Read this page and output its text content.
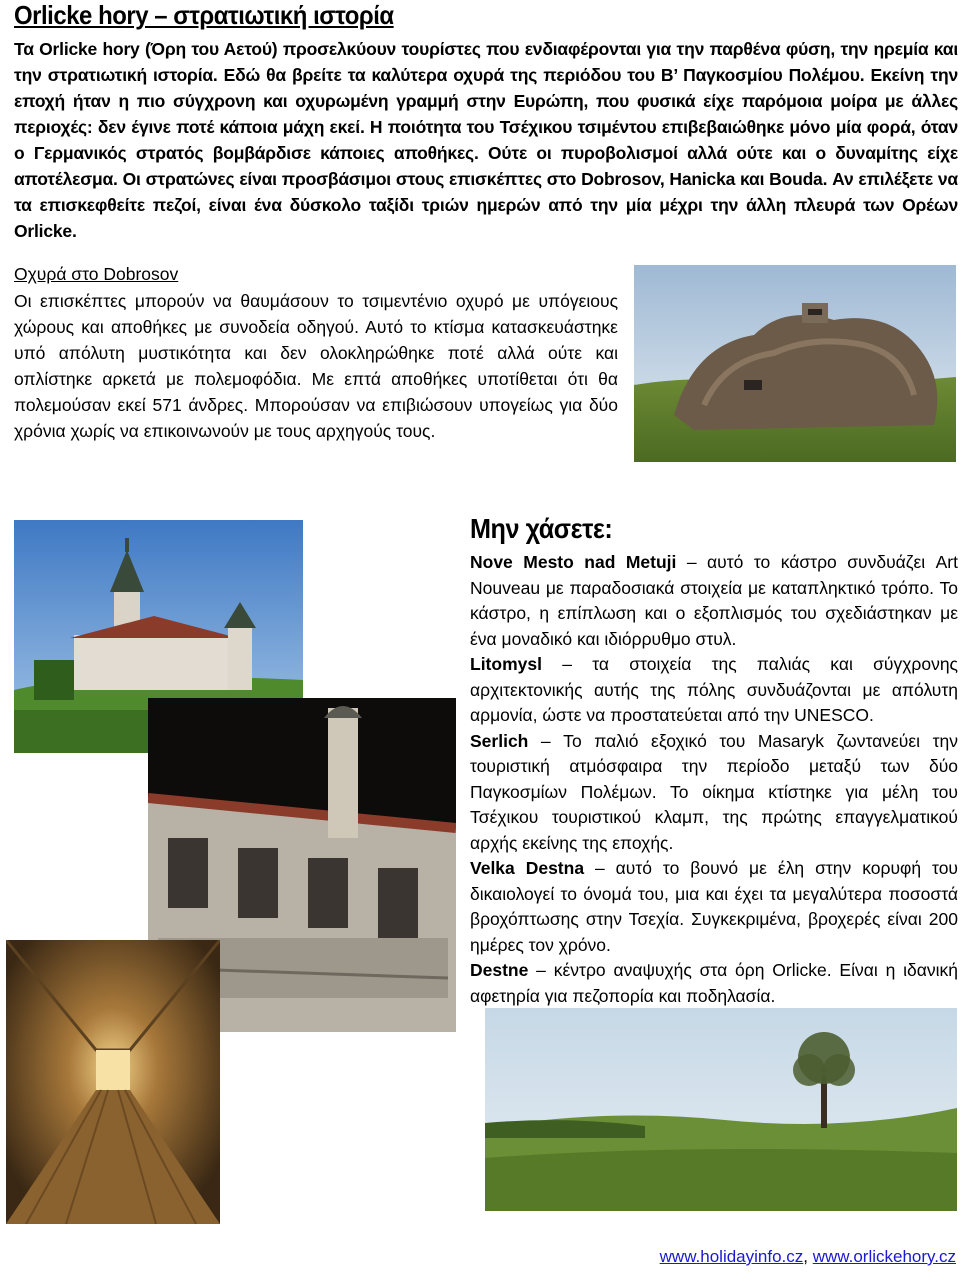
Orlicke hory – στρατιωτική ιστορία
Τα Orlicke hory (Όρη του Αετού) προσελκύουν τουρίστες που ενδιαφέρονται για την παρθένα φύση, την ηρεμία και την στρατιωτική ιστορία. Εδώ θα βρείτε τα καλύτερα οχυρά της περιόδου του Β’ Παγκοσμίου Πολέμου. Εκείνη την εποχή ήταν η πιο σύγχρονη και οχυρωμένη γραμμή στην Ευρώπη, που φυσικά είχε παρόμοια μοίρα με άλλες περιοχές: δεν έγινε ποτέ κάποια μάχη εκεί. Η ποιότητα του Τσέχικου τσιμέντου επιβεβαιώθηκε μόνο μία φορά, όταν ο Γερμανικός στρατός βομβάρδισε κάποιες αποθήκες. Ούτε οι πυροβολισμοί αλλά ούτε και ο δυναμίτης είχε αποτέλεσμα. Οι στρατώνες είναι προσβάσιμοι στους επισκέπτες στο Dobrosov, Hanicka και Bouda. Αν επιλέξετε να τα επισκεφθείτε πεζοί, είναι ένα δύσκολο ταξίδι τριών ημερών από την μία μέχρι την άλλη πλευρά των Ορέων Orlicke.
Οχυρά στο Dobrosov
Οι επισκέπτες μπορούν να θαυμάσουν το τσιμεντένιο οχυρό με υπόγειους χώρους και αποθήκες με συνοδεία οδηγού. Αυτό το κτίσμα κατασκευάστηκε υπό απόλυτη μυστικότητα και δεν ολοκληρώθηκε ποτέ αλλά ούτε και οπλίστηκε αρκετά με πολεμοφόδια. Με επτά αποθήκες υποτίθεται ότι θα πολεμούσαν εκεί 571 άνδρες. Μπορούσαν να επιβιώσουν υπογείως για δύο χρόνια χωρίς να επικοινωνούν με τους αρχηγούς τους.
Μην χάσετε:
Nove Mesto nad Metuji – αυτό το κάστρο συνδυάζει Art Nouveau με παραδοσιακά στοιχεία με καταπληκτικό τρόπο. Το κάστρο, η επίπλωση και ο εξοπλισμός του σχεδιάστηκαν με ένα μοναδικό και ιδιόρρυθμο στυλ.
Litomysl – τα στοιχεία της παλιάς και σύγχρονης αρχιτεκτονικής αυτής της πόλης συνδυάζονται με απόλυτη αρμονία, ώστε να προστατεύεται από την UNESCO.
Serlich – Το παλιό εξοχικό του Masaryk ζωντανεύει την τουριστική ατμόσφαιρα την περίοδο μεταξύ των δύο Παγκοσμίων Πολέμων. Το οίκημα κτίστηκε για μέλη του Τσέχικου τουριστικού κλαμπ, της πρώτης επαγγελματικού αρχής εκείνης της εποχής.
Velka Destna – αυτό το βουνό με έλη στην κορυφή του δικαιολογεί το όνομά του, μια και έχει τα μεγαλύτερα ποσοστά βροχόπτωσης στην Τσεχία. Συγκεκριμένα, βροχερές είναι 200 ημέρες τον χρόνο.
Destne – κέντρο αναψυχής στα όρη Orlicke. Είναι η ιδανική αφετηρία για πεζοπορία και ποδηλασία.
www.holidayinfo.cz, www.orlickehory.cz
